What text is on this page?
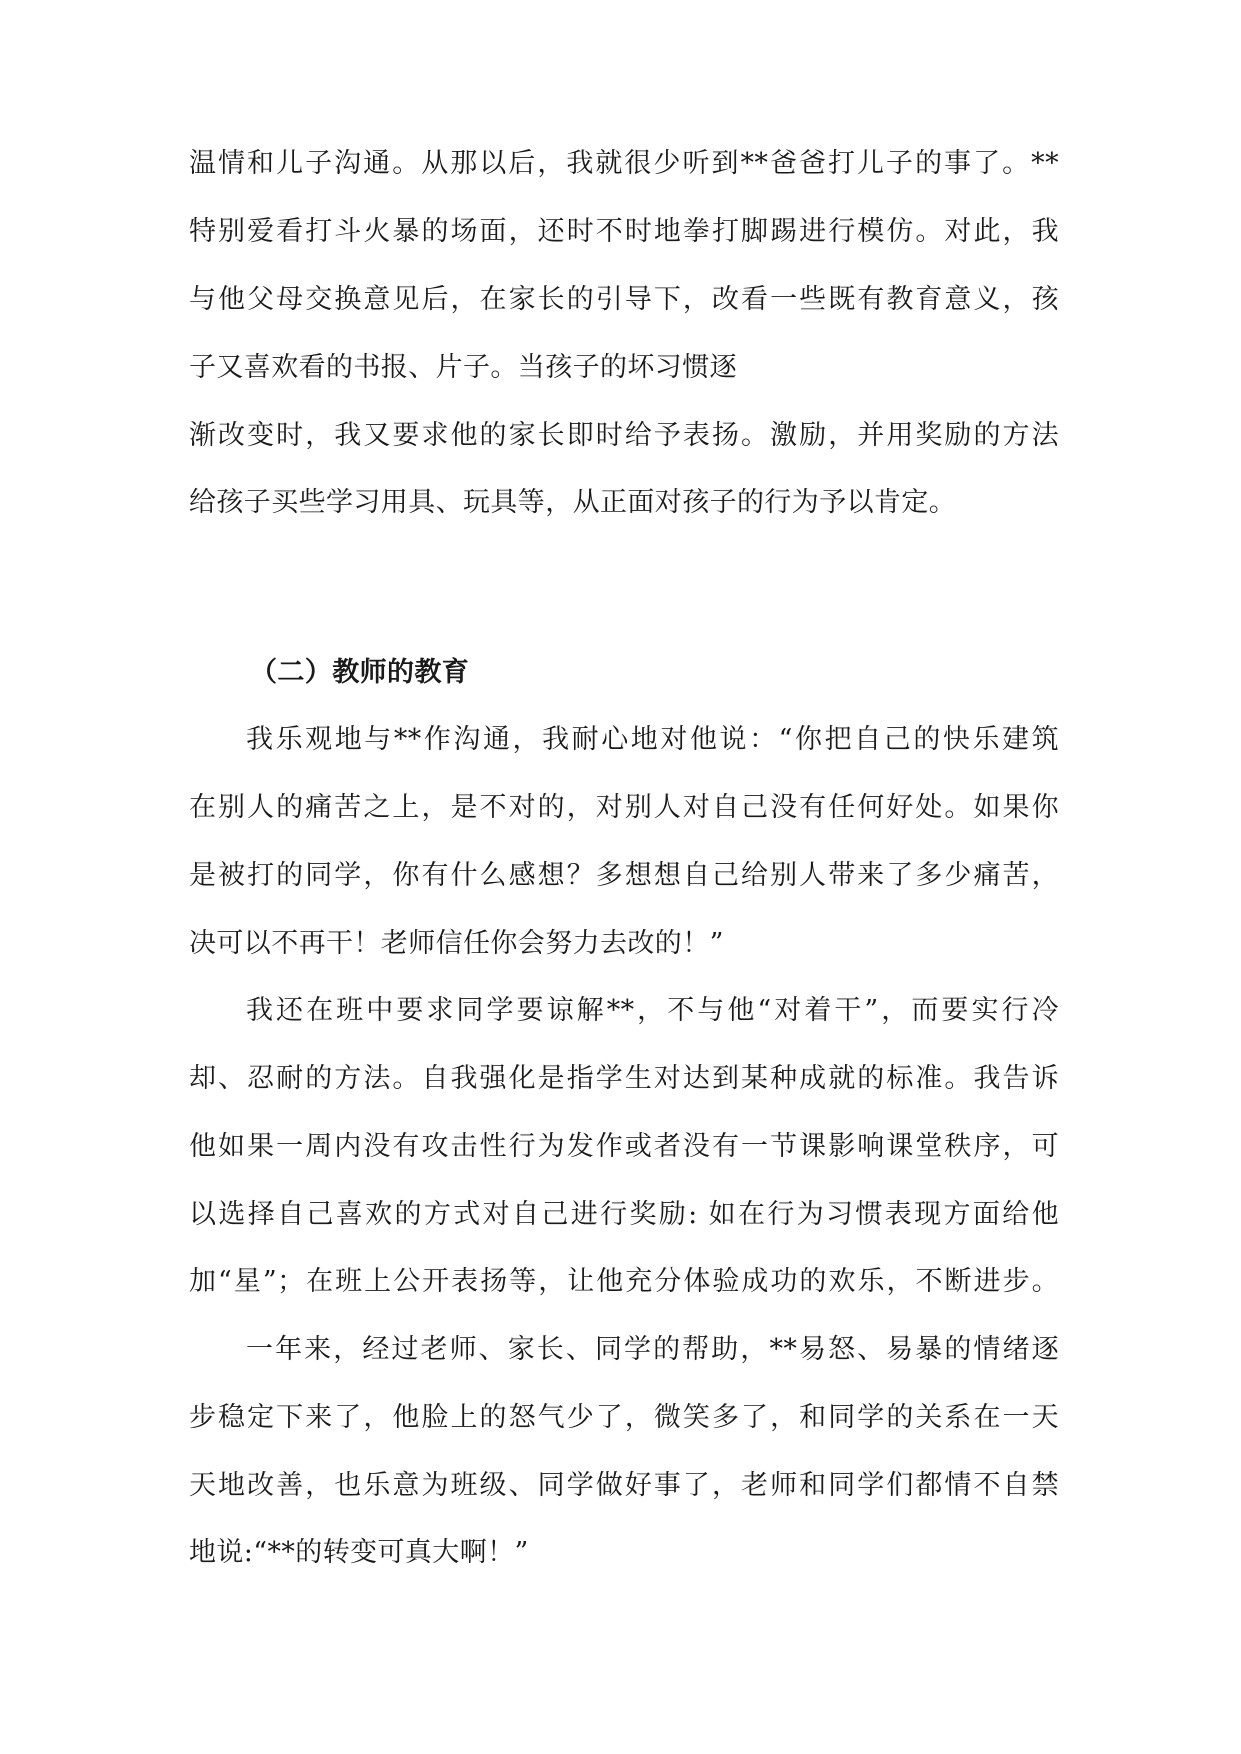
温情和儿子沟通。从那以后，我就很少听到**爸爸打儿子的事了。**
特别爱看打斗火暴的场面，还时不时地拳打脚踢进行模仿。对此，我
与他父母交换意见后，在家长的引导下，改看一些既有教育意义，孩
子又喜欢看的书报、片子。当孩子的坏习惯逐
渐改变时，我又要求他的家长即时给予表扬。激励，并用奖励的方法
给孩子买些学习用具、玩具等，从正面对孩子的行为予以肯定。
（二）教师的教育
我乐观地与**作沟通，我耐心地对他说：“你把自己的快乐建筑
在别人的痛苦之上，是不对的，对别人对自己没有任何好处。如果你
是被打的同学，你有什么感想？多想想自己给别人带来了多少痛苦，
决可以不再干！老师信任你会努力去改的！”
我还在班中要求同学要谅解**，不与他“对着干”，而要实行冷
却、忍耐的方法。自我强化是指学生对达到某种成就的标准。我告诉
他如果一周内没有攻击性行为发作或者没有一节课影响课堂秩序，可
以选择自己喜欢的方式对自己进行奖励: 如在行为习惯表现方面给他
加“星”；在班上公开表扬等，让他充分体验成功的欢乐，不断进步。
一年来，经过老师、家长、同学的帮助，**易怒、易暴的情绪逐
步稳定下来了，他脸上的怒气少了，微笑多了，和同学的关系在一天
天地改善，也乐意为班级、同学做好事了，老师和同学们都情不自禁
地说:“**的转变可真大啊！”
